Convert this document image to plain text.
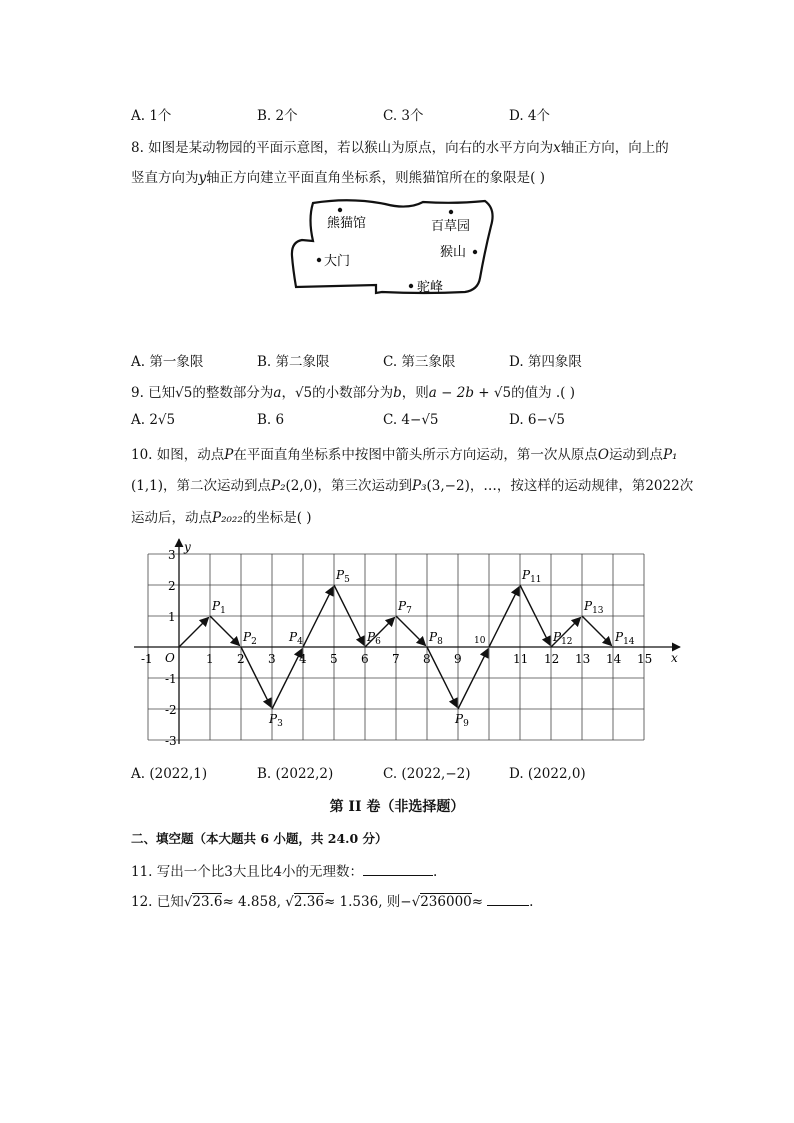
A. 1个	B. 2个	C. 3个	D. 4个
8. 如图是某动物园的平面示意图，若以猴山为原点，向右的水平方向为x轴正方向，向上的
竖直方向为y轴正方向建立平面直角坐标系，则熊猫馆所在的象限是( )
熊猫馆	百草园
猴山
大门
驼峰
A. 第一象限	B. 第二象限	C. 第三象限	D. 第四象限
9. 已知√5的整数部分为a，√5的小数部分为b，则a − 2b + √5的值为 .( )
A. 2√5	B. 6	C. 4−√5	D. 6−√5
10. 如图，动点P在平面直角坐标系中按图中箭头所示方向运动，第一次从原点O运动到点P₁
(1,1)，第二次运动到点P₂(2,0)，第三次运动到P₃(3,−2)，…，按这样的运动规律，第2022次
运动后，动点P₂₀₂₂的坐标是( )
x
y
O
-1	1 2 3 4 5 6 7 8 9	11 12 13 14 15
3
2
1
-1
-2
-3
$P_1$
$P_2$
$P_3$
$P_4$
$P_5$
$P_6$
$P_7$
$P_8$
$P_9$
10
$P_{11}$
$P_{12}$
$P_{13}$
$P_{14}$
A. (2022,1)	B. (2022,2)	C. (2022,−2)	D. (2022,0)
第 II 卷（非选择题）
二、填空题（本大题共 6 小题，共 24.0 分）
11. 写出一个比3大且比4小的无理数：	.
12. 已知√23.6≈ 4.858, √2.36≈ 1.536, 则−√236000≈	.
